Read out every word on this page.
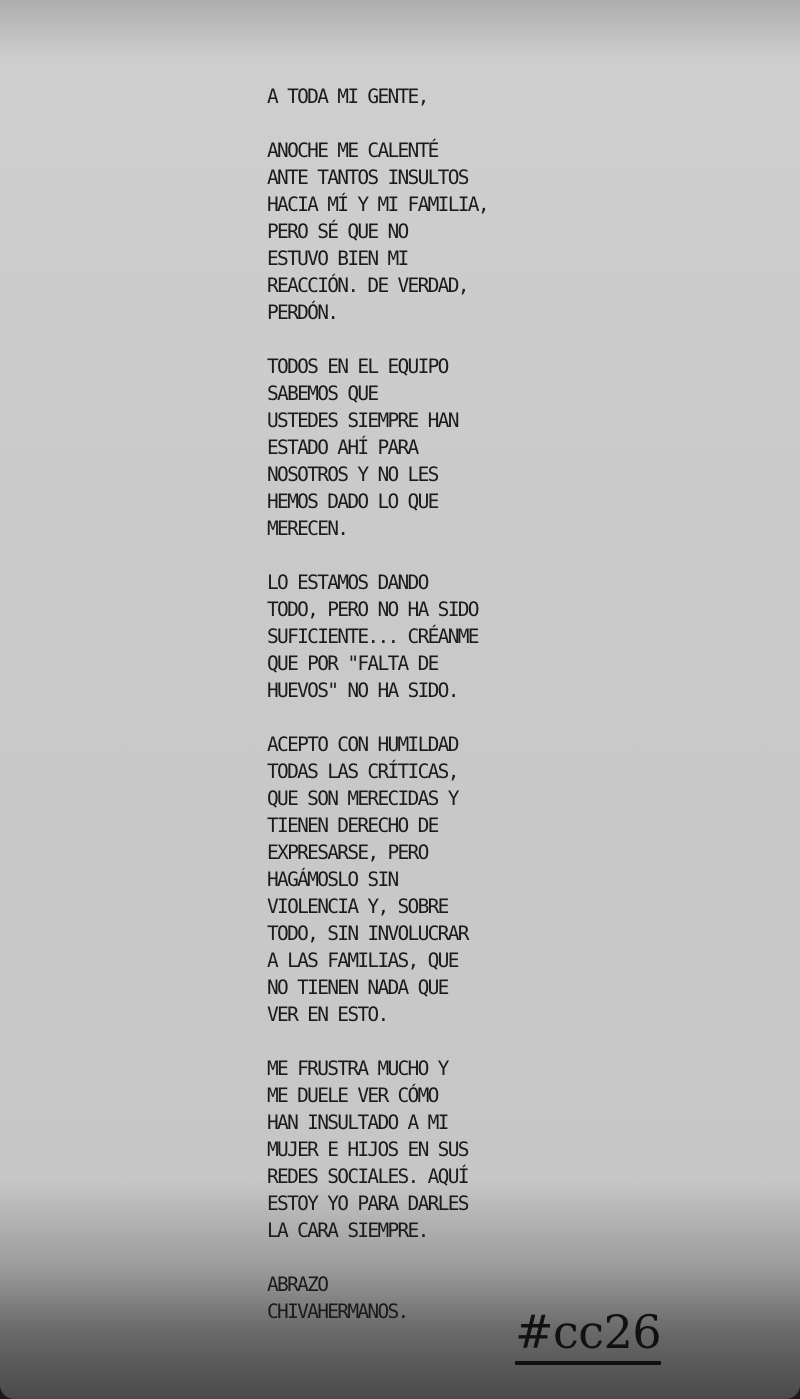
A TODA MI GENTE,
ANOCHE ME CALENTÉ
ANTE TANTOS INSULTOS
HACIA MÍ Y MI FAMILIA,
PERO SÉ QUE NO
ESTUVO BIEN MI
REACCIÓN. DE VERDAD,
PERDÓN.
TODOS EN EL EQUIPO
SABEMOS QUE
USTEDES SIEMPRE HAN
ESTADO AHÍ PARA
NOSOTROS Y NO LES
HEMOS DADO LO QUE
MERECEN.
LO ESTAMOS DANDO
TODO, PERO NO HA SIDO
SUFICIENTE... CRÉANME
QUE POR "FALTA DE
HUEVOS" NO HA SIDO.
ACEPTO CON HUMILDAD
TODAS LAS CRÍTICAS,
QUE SON MERECIDAS Y
TIENEN DERECHO DE
EXPRESARSE, PERO
HAGÁMOSLO SIN
VIOLENCIA Y, SOBRE
TODO, SIN INVOLUCRAR
A LAS FAMILIAS, QUE
NO TIENEN NADA QUE
VER EN ESTO.
ME FRUSTRA MUCHO Y
ME DUELE VER CÓMO
HAN INSULTADO A MI
MUJER E HIJOS EN SUS
REDES SOCIALES. AQUÍ
ESTOY YO PARA DARLES
LA CARA SIEMPRE.
ABRAZO
CHIVAHERMANOS.	#cc26
